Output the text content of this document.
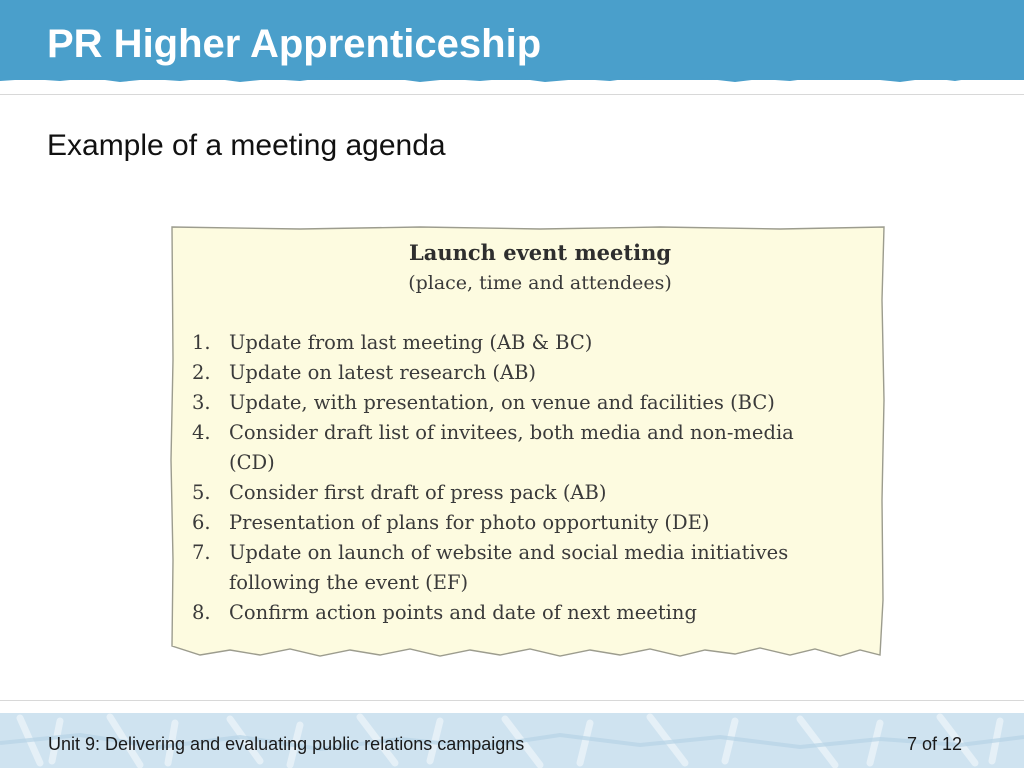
PR Higher Apprenticeship
Example of a meeting agenda
Launch event meeting
(place, time and attendees)
1. Update from last meeting (AB & BC)
2. Update on latest research (AB)
3. Update, with presentation, on venue and facilities (BC)
4. Consider draft list of invitees, both media and non-media
(CD)
5. Consider first draft of press pack (AB)
6. Presentation of plans for photo opportunity (DE)
7. Update on launch of website and social media initiatives
following the event (EF)
8. Confirm action points and date of next meeting
Unit 9: Delivering and evaluating public relations campaigns	7 of 12
